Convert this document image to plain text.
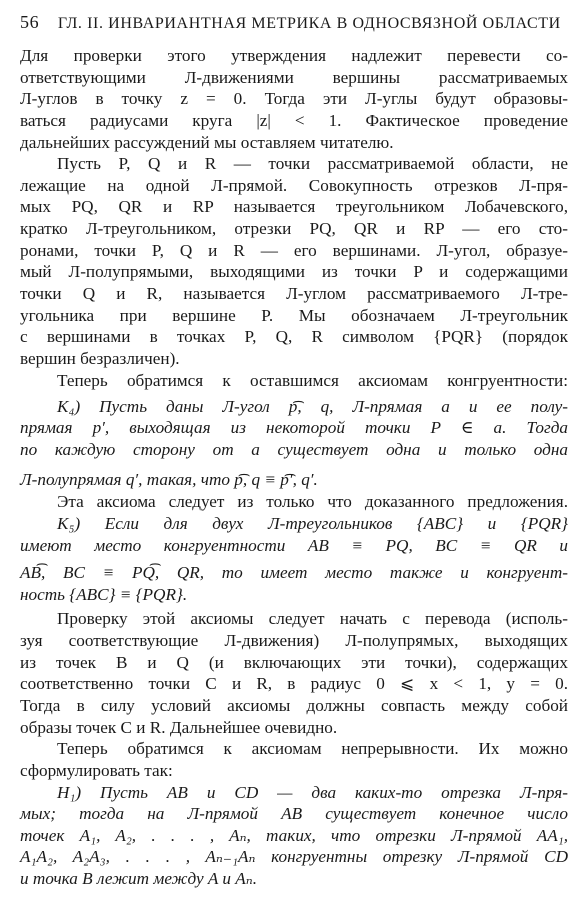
56 ГЛ. II. ИНВАРИАНТНАЯ МЕТРИКА В ОДНОСВЯЗНОЙ ОБЛАСТИ
Для проверки этого утверждения надлежит перевести со-
ответствующими Л-движениями вершины рассматриваемых
Л-углов в точку z = 0. Тогда эти Л-углы будут образовы-
ваться радиусами круга |z| < 1. Фактическое проведение
дальнейших рассуждений мы оставляем читателю.
Пусть P, Q и R — точки рассматриваемой области, не
лежащие на одной Л-прямой. Совокупность отрезков Л-пря-
мых PQ, QR и RP называется треугольником Лобачевского,
кратко Л-треугольником, отрезки PQ, QR и RP — его сто-
ронами, точки P, Q и R — его вершинами. Л-угол, образуе-
мый Л-полупрямыми, выходящими из точки P и содержащими
точки Q и R, называется Л-углом рассматриваемого Л-тре-
угольника при вершине P. Мы обозначаем Л-треугольник
с вершинами в точках P, Q, R символом {PQR} (порядок
вершин безразличен).
Теперь обратимся к оставшимся аксиомам конгруентности:
K₄) Пусть даны Л-угол p͡, q, Л-прямая a и ее полу-
прямая p′, выходящая из некоторой точки P ∈ a. Тогда
по каждую сторону от a существует одна и только одна
Л-полупрямая q′, такая, что p͡, q ≡ p͡′, q′.
Эта аксиома следует из только что доказанного предложения.
K₅) Если для двух Л-треугольников {ABC} и {PQR}
имеют место конгруентности AB ≡ PQ, BC ≡ QR и
AB͡, BC ≡ PQ͡, QR, то имеет место также и конгруент-
ность {ABC} ≡ {PQR}.
Проверку этой аксиомы следует начать с перевода (исполь-
зуя соответствующие Л-движения) Л-полупрямых, выходящих
из точек B и Q (и включающих эти точки), содержащих
соответственно точки C и R, в радиус 0 ⩽ x < 1, y = 0.
Тогда в силу условий аксиомы должны совпасть между собой
образы точек C и R. Дальнейшее очевидно.
Теперь обратимся к аксиомам непрерывности. Их можно
сформулировать так:
H₁) Пусть AB и CD — два каких-то отрезка Л-пря-
мых; тогда на Л-прямой AB существует конечное число
точек A₁, A₂, . . . , Aₙ, таких, что отрезки Л-прямой AA₁,
A₁A₂, A₂A₃, . . . , Aₙ₋₁Aₙ конгруентны отрезку Л-прямой CD
и точка B лежит между A и Aₙ.
